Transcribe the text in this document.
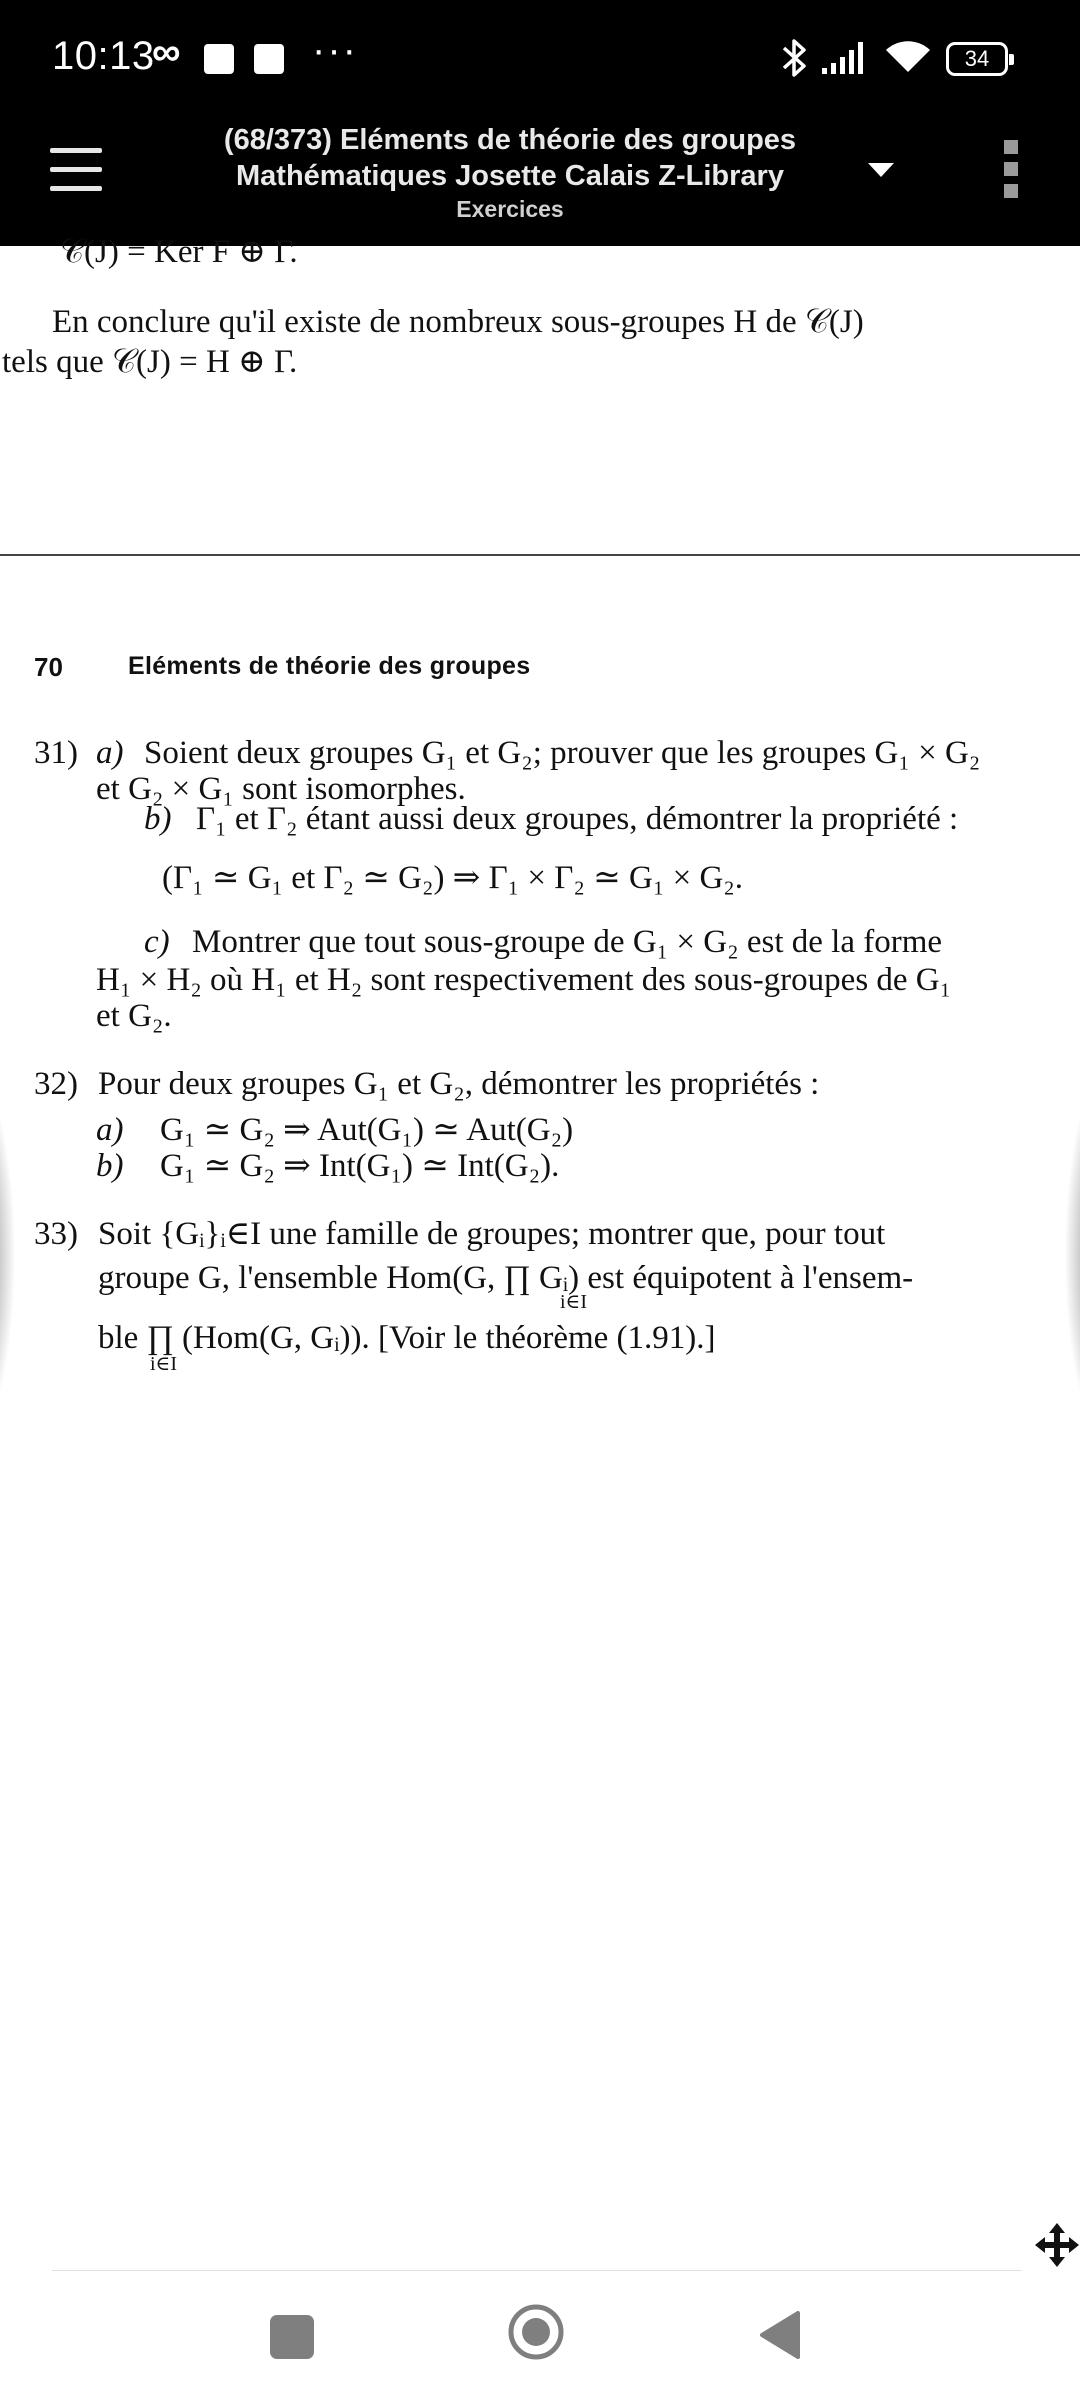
10:13
∞	···	34
(68/373) Eléments de théorie des groupes
Mathématiques Josette Calais Z-Library
Exercices
𝒞(J) = Ker F ⊕ Γ.
En conclure qu'il existe de nombreux sous-groupes H de 𝒞(J)
tels que 𝒞(J) = H ⊕ Γ.
70	Eléments de théorie des groupes
31) a) Soient deux groupes G₁ et G₂; prouver que les groupes G₁ × G₂
et G₂ × G₁ sont isomorphes.
b) Γ₁ et Γ₂ étant aussi deux groupes, démontrer la propriété :
(Γ₁ ≃ G₁ et Γ₂ ≃ G₂) ⇒ Γ₁ × Γ₂ ≃ G₁ × G₂.
c) Montrer que tout sous-groupe de G₁ × G₂ est de la forme
H₁ × H₂ où H₁ et H₂ sont respectivement des sous-groupes de G₁
et G₂.
32) Pour deux groupes G₁ et G₂, démontrer les propriétés :
a) G₁ ≃ G₂ ⇒ Aut(G₁) ≃ Aut(G₂)
b) G₁ ≃ G₂ ⇒ Int(G₁) ≃ Int(G₂).
33) Soit {Gᵢ}ᵢ∈I une famille de groupes; montrer que, pour tout
groupe G, l'ensemble Hom(G, ∏ Gᵢ) est équipotent à l'ensem-
i∈I
ble ∏ (Hom(G, Gᵢ)). [Voir le théorème (1.91).]
i∈I
